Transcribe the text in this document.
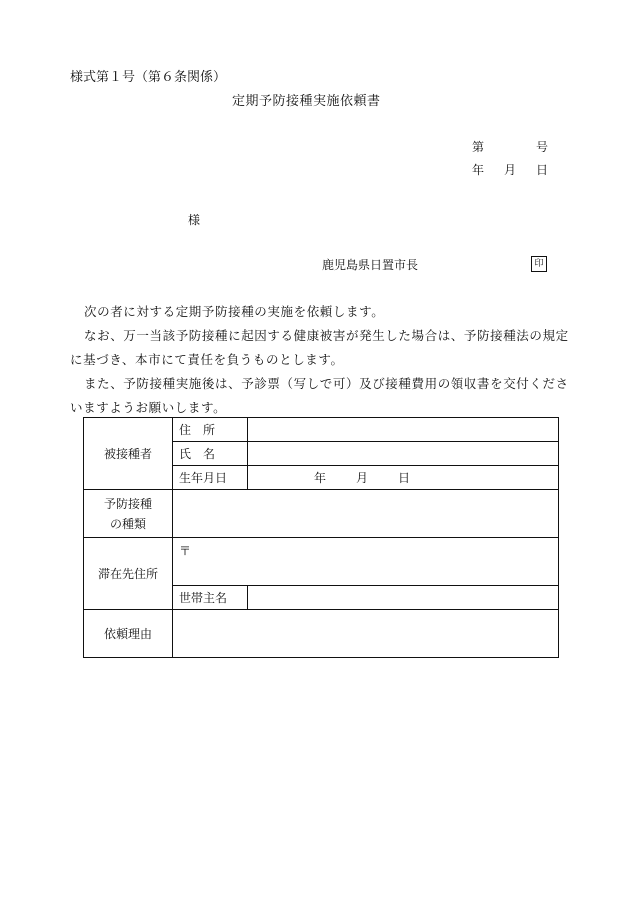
様式第１号（第６条関係）
定期予防接種実施依頼書
第	号
年 月 日
様
鹿児島県日置市長	印
次の者に対する定期予防接種の実施を依頼します。
なお、万一当該予防接種に起因する健康被害が発生した場合は、予防接種法の規定に基づき、本市にて責任を負うものとします。
また、予防接種実施後は、予診票（写しで可）及び接種費用の領収書を交付くださいますようお願いします。
被接種者	住　所	

	氏　名	

	生年月日	年 月 日

予防接種
の種類		

滞在先住所	〒	
	世帯主名	
依頼理由		
